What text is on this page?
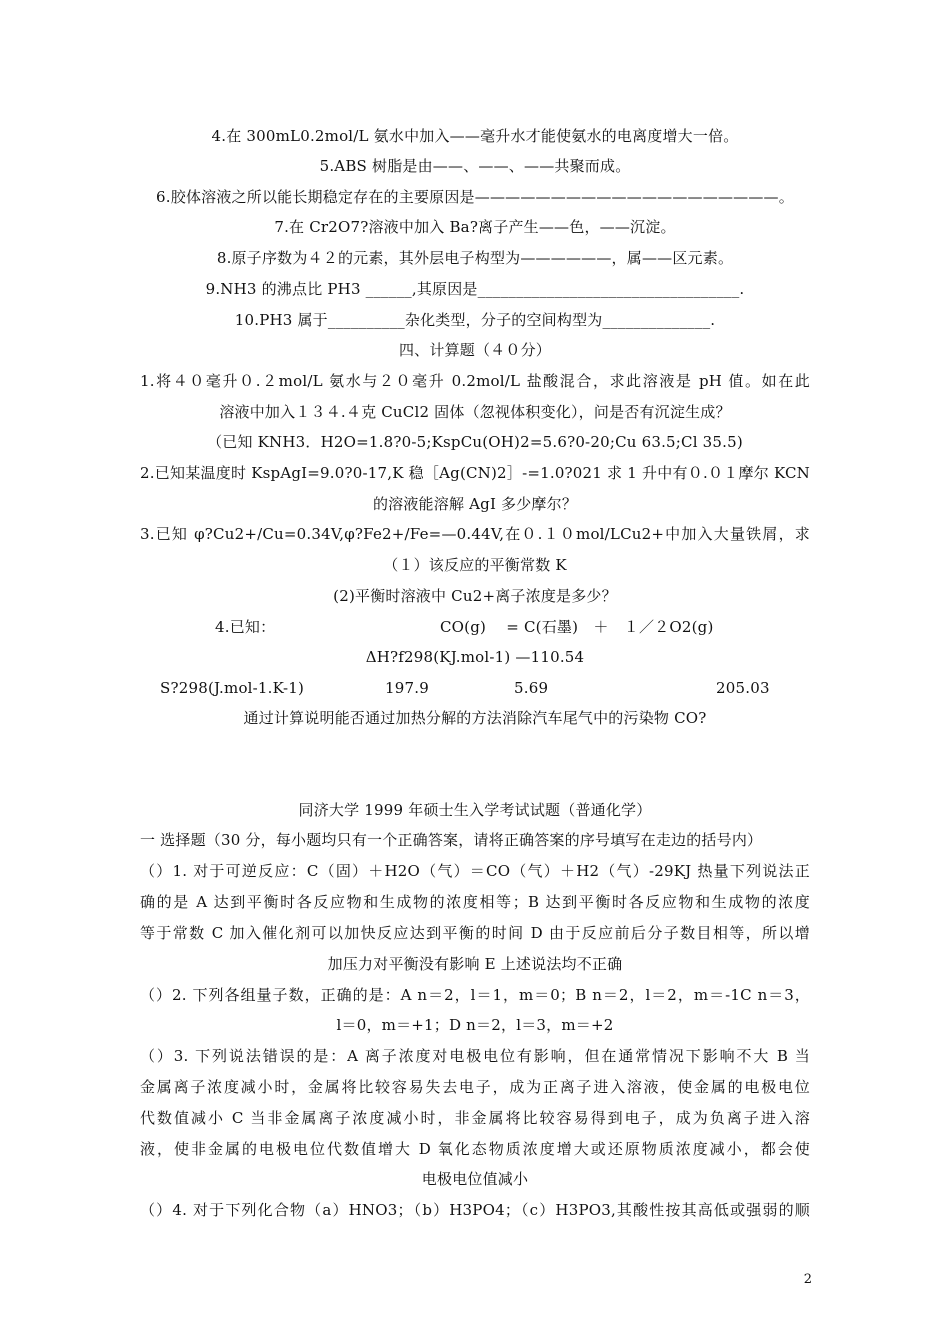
4.在 300mL0.2mol/L 氨水中加入——毫升水才能使氨水的电离度增大一倍。
5.ABS 树脂是由——、——、——共聚而成。
6.胶体溶液之所以能长期稳定存在的主要原因是————————————————————。
7.在 Cr2O7?溶液中加入 Ba?离子产生——色，——沉淀。
8.原子序数为４２的元素，其外层电子构型为——————，属——区元素。
9.NH3 的沸点比 PH3 ______,其原因是__________________________________.
10.PH3 属于__________杂化类型，分子的空间构型为______________.
四、计算题（４０分）
1.将４０毫升０.２mol/L 氨水与２０毫升 0.2mol/L 盐酸混合，求此溶液是 pH 值。如在此
溶液中加入１３４.４克 CuCl2 固体（忽视体积变化），问是否有沉淀生成？
（已知 KNH3．H2O=1.8?0-5;KspCu(OH)2=5.6?0-20;Cu 63.5;Cl 35.5)
2.已知某温度时 KspAgI=9.0?0-17,K 稳［Ag(CN)2］-=1.0?021 求 1 升中有０.０１摩尔 KCN
的溶液能溶解 AgI 多少摩尔？
3.已知 φ?Cu2+/Cu=0.34V,φ?Fe2+/Fe=—0.44V,在０.１０mol/LCu2+中加入大量铁屑，求
（１）该反应的平衡常数 K
(2)平衡时溶液中 Cu2+离子浓度是多少？
4.已知：	CO(g)　 = C(石墨)　＋　１／２O2(g)
ΔH?f298(KJ.mol-1) —110.54
S?298(J.mol-1.K-1)	197.9	5.69	205.03
通过计算说明能否通过加热分解的方法消除汽车尾气中的污染物 CO?
同济大学 1999 年硕士生入学考试试题（普通化学）
一 选择题（30 分，每小题均只有一个正确答案，请将正确答案的序号填写在走边的括号内）
（）1. 对于可逆反应：C（固）＋H2O（气）＝CO（气）＋H2（气）-29KJ 热量下列说法正
确的是 A 达到平衡时各反应物和生成物的浓度相等；B 达到平衡时各反应物和生成物的浓度
等于常数 C 加入催化剂可以加快反应达到平衡的时间 D 由于反应前后分子数目相等，所以增
加压力对平衡没有影响 E 上述说法均不正确
（）2. 下列各组量子数，正确的是：A n＝2，l＝1，m＝0；B n＝2，l＝2，m＝-1C n＝3，
l＝0，m＝+1；D n＝2，l＝3，m＝+2
（）3. 下列说法错误的是：A 离子浓度对电极电位有影响，但在通常情况下影响不大 B 当
金属离子浓度减小时，金属将比较容易失去电子，成为正离子进入溶液，使金属的电极电位
代数值减小 C 当非金属离子浓度减小时，非金属将比较容易得到电子，成为负离子进入溶
液，使非金属的电极电位代数值增大 D 氧化态物质浓度增大或还原物质浓度减小，都会使
电极电位值减小
（）4. 对于下列化合物（a）HNO3；（b）H3PO4；（c）H3PO3,其酸性按其高低或强弱的顺
2
